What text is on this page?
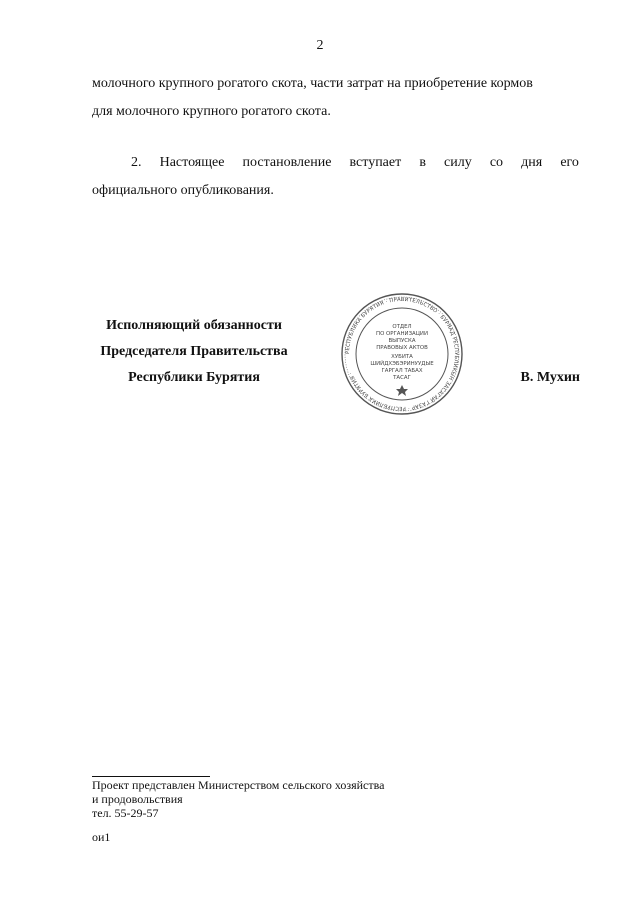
2
молочного крупного рогатого скота, части затрат на приобретение кормов
для молочного крупного рогатого скота.
2. Настоящее постановление вступает в силу со дня его
официального опубликования.
Исполняющий обязанности
Председателя Правительства
Республики Бурятия	В. Мухин
РЕСПУБЛИКА БУРЯТИЯ · ПРАВИТЕЛЬСТВО · БУРЯАД РЕСПУБЛИКЫН ЗАСАГАЙ ГАЗАР · РЕСПУБЛИКА БУРЯТИЯ ·
ОТДЕЛ
ПО ОРГАНИЗАЦИИ
ВЫПУСКА
ПРАВОВЫХ АКТОВ
ХУБИТА
ШИЙДХЭБЭРИНУУДЫЕ
ГАРГАЛ ТАБАХ
ТАСАГ
Проект представлен Министерством сельского хозяйства
и продовольствия
тел. 55-29-57
ои1
